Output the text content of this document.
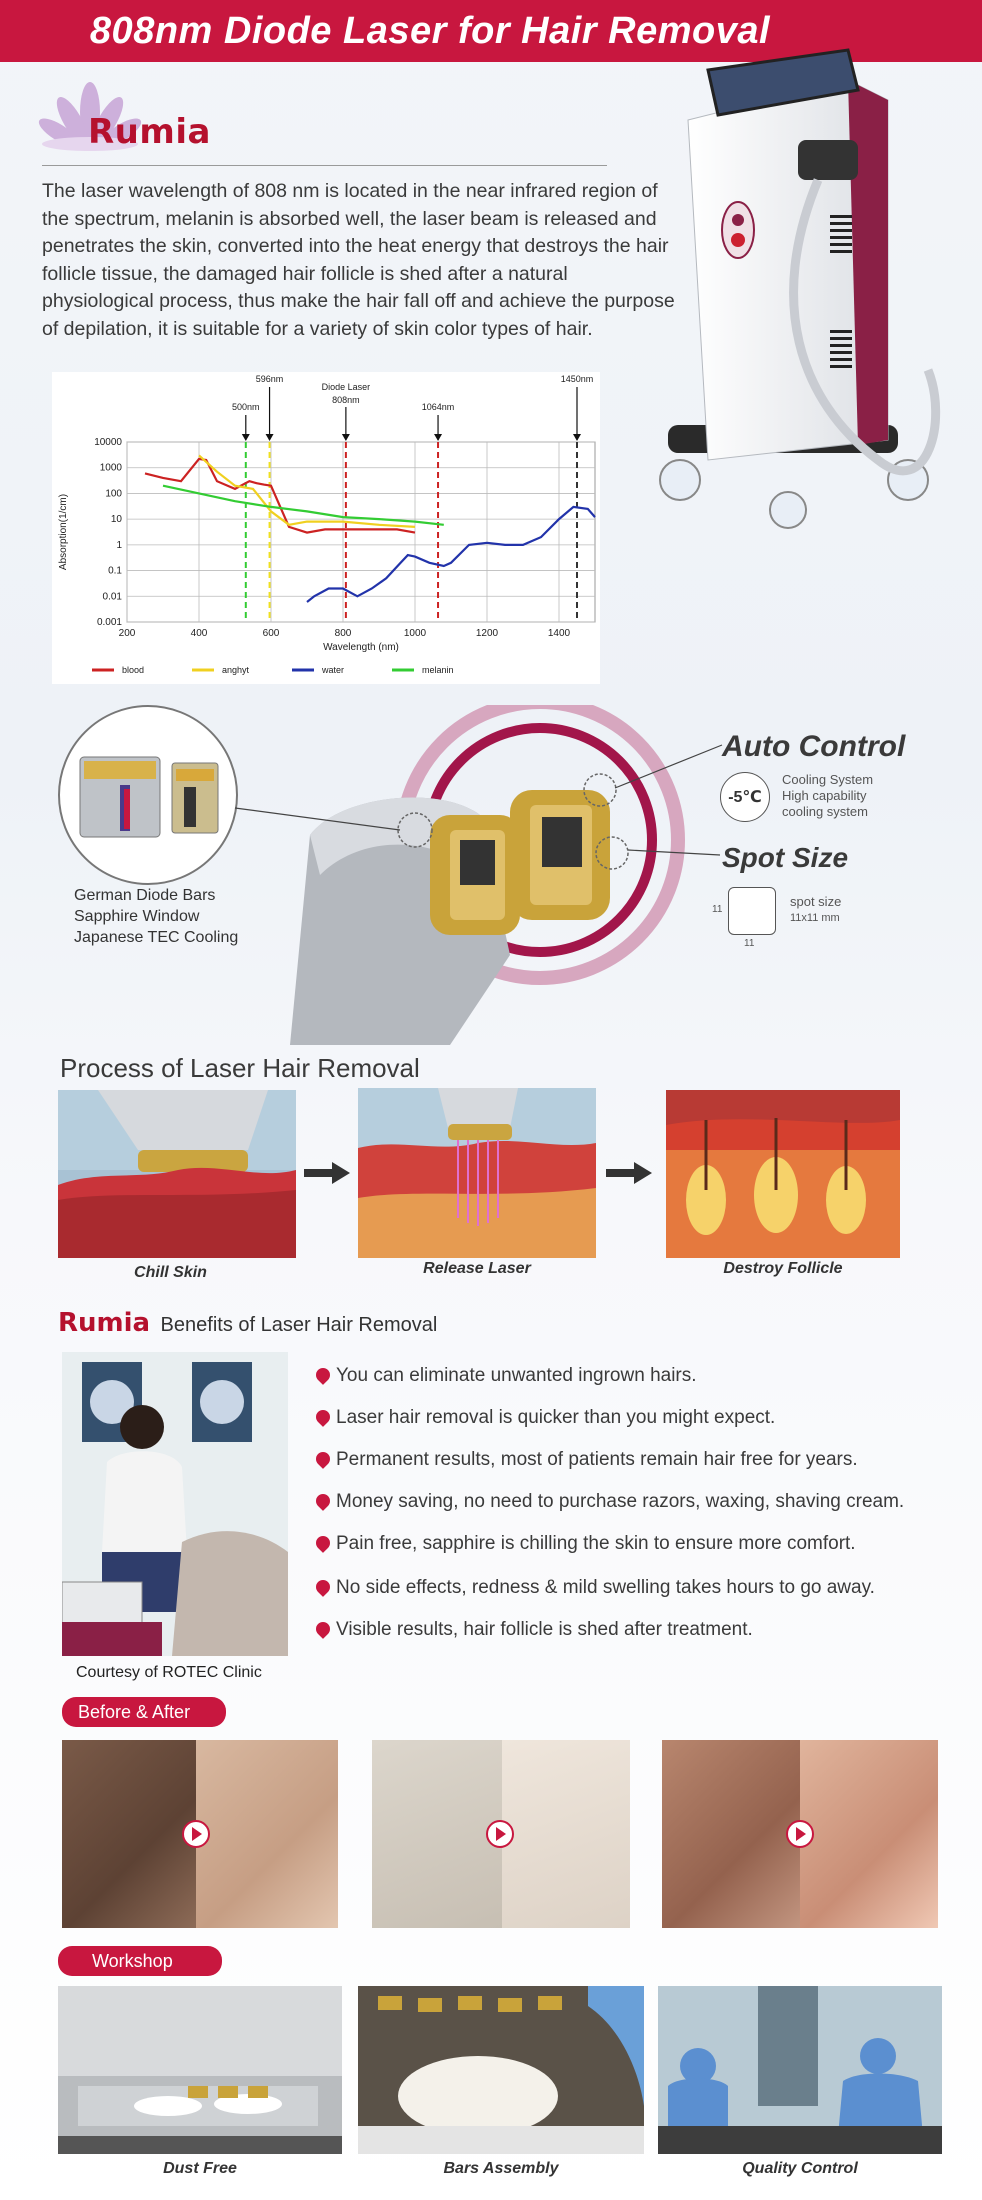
808nm Diode Laser for Hair Removal
Rumia
The laser wavelength of 808 nm is located in the near infrared region of the spectrum, melanin is absorbed well, the laser beam is released and penetrates the skin, converted into the heat energy that destroys the hair follicle tissue, the damaged hair follicle is shed after a natural physiological process, thus make the hair fall off and achieve the purpose of depilation, it is suitable for a variety of skin color types of hair.
200	400	600	800	1000	1200	1400
10000
1000
100
10
1
0.1
0.01
0.001
Wavelength (nm)
Absorption(1/cm)
500nm
596nm
Diode Laser
808nm
1064nm
1450nm
blood	anghyt	water	melanin
German Diode Bars
Sapphire Window
Japanese TEC Cooling
Auto Control
-5℃
Cooling System
High capability
cooling system
Spot Size
11
11
spot size
11x11 mm
Process of Laser Hair Removal
Chill Skin	Release Laser	Destroy Follicle
Rumia Benefits of Laser Hair Removal
Courtesy of ROTEC Clinic
You can eliminate unwanted ingrown hairs.
Laser hair removal is quicker than you might expect.
Permanent results, most of patients remain hair free for years.
Money saving, no need to purchase razors, waxing, shaving cream.
Pain free, sapphire is chilling the skin to ensure more comfort.
No side effects, redness & mild swelling takes hours to go away.
Visible results, hair follicle is shed after treatment.
Before & After
Workshop
Dust Free	Bars Assembly	Quality Control
